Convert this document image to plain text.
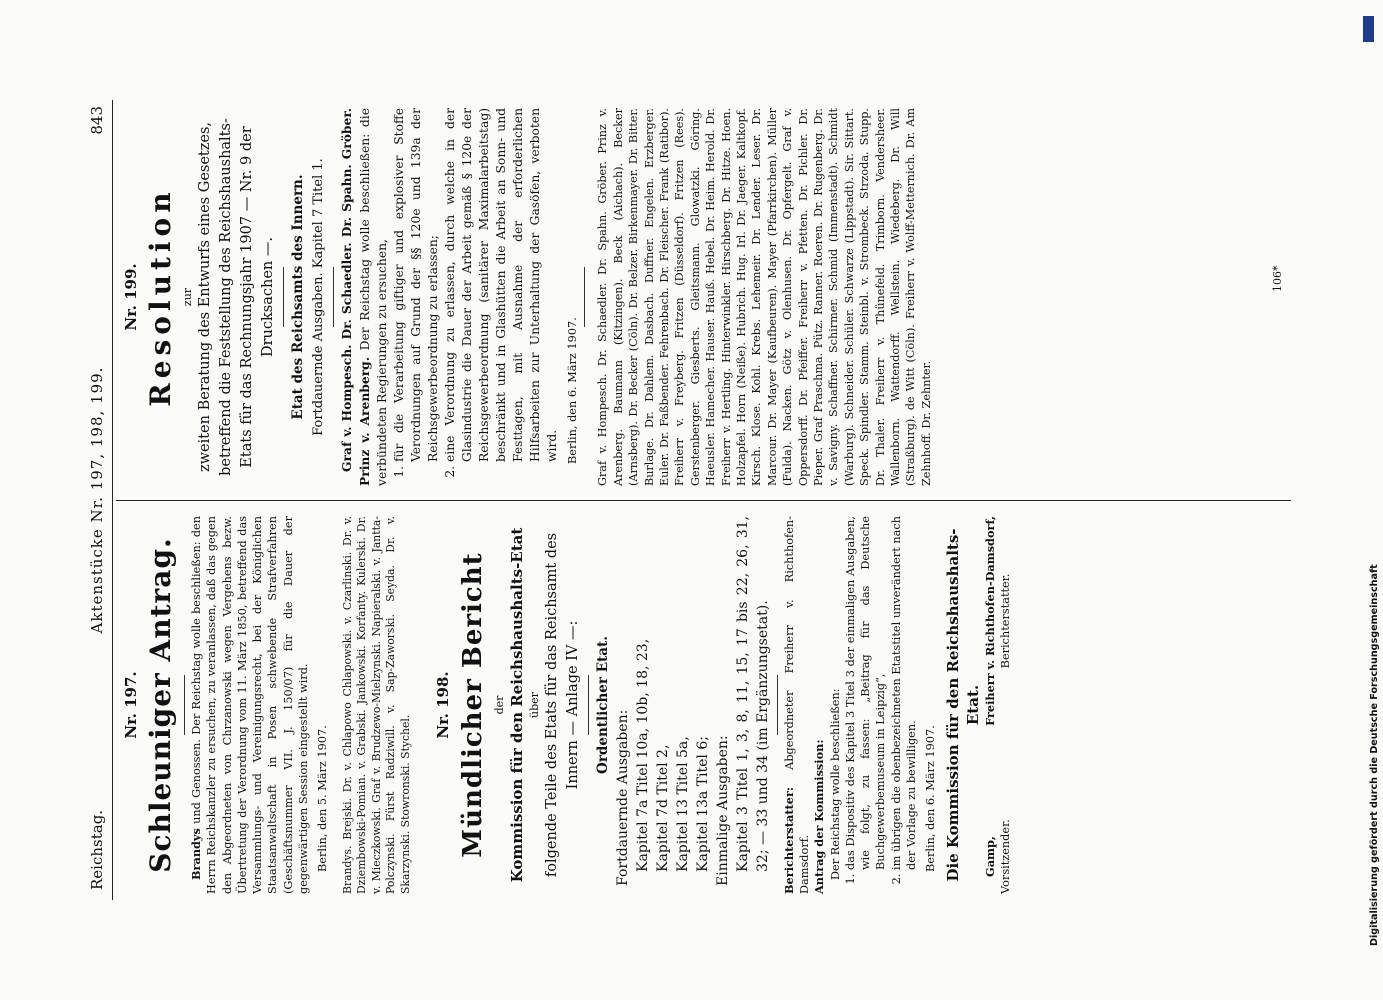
Reichstag.
Aktenstücke Nr. 197, 198, 199.
843
Nr. 197. Schleuniger Antrag. Brandys und Genossen. Der Reichstag wolle beschließen: den Herrn Reichskanzler zu ersuchen, zu veranlassen, daß das gegen den Abgeordneten von Chrzanowski wegen Vergehens bezw. Übertretung der Verordnung vom 11. März 1850, betreffend das Versammlungs- und Vereinigungsrecht, bei der Königlichen Staatsanwaltschaft in Posen schwebende Strafverfahren (Geschäftsnummer VII. J. 150/07) für die Dauer der gegenwärtigen Session eingestellt wird. Berlin, den 5. März 1907. Brandys. Brejski. Dr. v. Chlapowo Chlapowski. v. Czarlinski. Dr. v. Dziembowski-Pomian. v. Grabski. Jankowski. Korfanty. Kulerski. Dr. v. Mieczkowski. Graf v. Brudzewo-Mielzynski. Napieralski. v. Jantta-Polczynski. Fürst Radziwill. v. Sap-Zaworski. Seyda. Dr. v. Skarzynski. Stowronski. Stychel.

Nr. 198. Mündlicher Bericht der Kommission für den Reichshaushalts-Etat über folgende Teile des Etats für das Reichsamt des Innern — Anlage IV —: Ordentlicher Etat.
Fortdauernde Ausgaben: Kapitel 7a Titel 10a, 10b, 18, 23, Kapitel 7d Titel 2, Kapitel 13 Titel 5a, Kapitel 13a Titel 6; Einmalige Ausgaben: Kapitel 3 Titel 1, 3, 8, 11, 15, 17 bis 22, 26, 31, 32; — 33 und 34 (im Ergänzungsetat). Berichterstatter: Abgeordneter Freiherr v. Richthofen-Damsdorf. Antrag der Kommission: Der Reichstag wolle beschließen: 1. das Dispositiv des Kapitel 3 Titel 3 der einmaligen Ausgaben, wie folgt, zu fassen: „Beitrag für das Deutsche Buchgewerbemuseum in Leipzig“, 2. im übrigen die obenbezeichneten Etatstitel unverändert nach der Vorlage zu bewilligen. Berlin, den 6. März 1907. Die Kommission für den Reichshaushalts-Etat.
Gamp, Vorsitzender.
Freiherr v. Richthofen-Damsdorf, Berichterstatter.
Nr. 199. Resolution zur zweiten Beratung des Entwurfs eines Gesetzes, betreffend die Feststellung des Reichshaushalts-Etats für das Rechnungsjahr 1907 — Nr. 9 der Drucksachen —. Etat des Reichsamts des Innern. Fortdauernde Ausgaben. Kapitel 7 Titel 1. Graf v. Hompesch. Dr. Schaedler. Dr. Spahn. Gröber. Prinz v. Arenberg. Der Reichstag wolle beschließen: die verbündeten Regierungen zu ersuchen, 1. für die Verarbeitung giftiger und explosiver Stoffe Verordnungen auf Grund der §§ 120e und 139a der Reichsgewerbeordnung zu erlassen; 2. eine Verordnung zu erlassen, durch welche in der Glasindustrie die Dauer der Arbeit gemäß § 120e der Reichsgewerbeordnung (sanitärer Maximalarbeitstag) beschränkt und in Glashütten die Arbeit an Sonn- und Festtagen, mit Ausnahme der erforderlichen Hilfsarbeiten zur Unterhaltung der Gasöfen, verboten wird. Berlin, den 6. März 1907. Graf v. Hompesch. Dr. Schaedler. Dr. Spahn. Gröber. Prinz v. Arenberg. Baumann (Kitzingen). Beck (Aichach). Becker (Arnsberg). Dr. Becker (Cöln). Dr. Belzer. Birkenmayer. Dr. Bitter. Burlage. Dr. Dahlem. Dasbach. Duffner. Engelen. Erzberger. Euler. Dr. Faßbender. Fehrenbach. Dr. Fleischer. Frank (Ratibor). Freiherr v. Freyberg. Fritzen (Düsseldorf). Fritzen (Rees). Gerstenberger. Giesberts. Gleitsmann. Glowatzki. Göring. Haeusler. Hamecher. Hauser. Hauß. Hebel. Dr. Heim. Herold. Dr. Freiherr v. Hertling. Hinterwinkler. Hirschberg. Dr. Hitze. Hoen. Holzapfel. Horn (Neiße). Hubrich. Hug. Irl. Dr. Jaeger. Kaltkopf. Kirsch. Klose. Kohl. Krebs. Lehemeir. Dr. Lender. Leser. Dr. Marcour. Dr. Mayer (Kaufbeuren). Mayer (Pfarrkirchen). Müller (Fulda). Nacken. Götz v. Olenhusen. Dr. Opfergelt. Graf v. Oppersdorff. Dr. Pfeiffer. Freiherr v. Pfetten. Dr. Pichler. Dr. Pieper. Graf Praschma. Pütz. Ranner. Roeren. Dr. Rugenberg. Dr. v. Savigny. Schaffner. Schirmer. Schmid (Immenstadt). Schmidt (Warburg). Schneider. Schüler. Schwarze (Lippstadt). Sir. Sittart. Speck. Spindler. Stamm. Steinbl. v. Strombeck. Strzoda. Stupp. Dr. Thaler. Freiherr v. Thünefeld. Trimborn. Vendersheer. Wallenborn. Wattendorff. Wellstein. Wiedeberg. Dr. Will (Straßburg). de Witt (Cöln). Freiherr v. Wolff-Metternich. Dr. Am Zehnhoff. Dr. Zehnter.

106*
Digitalisierung gefördert durch die Deutsche Forschungsgemeinschaft
